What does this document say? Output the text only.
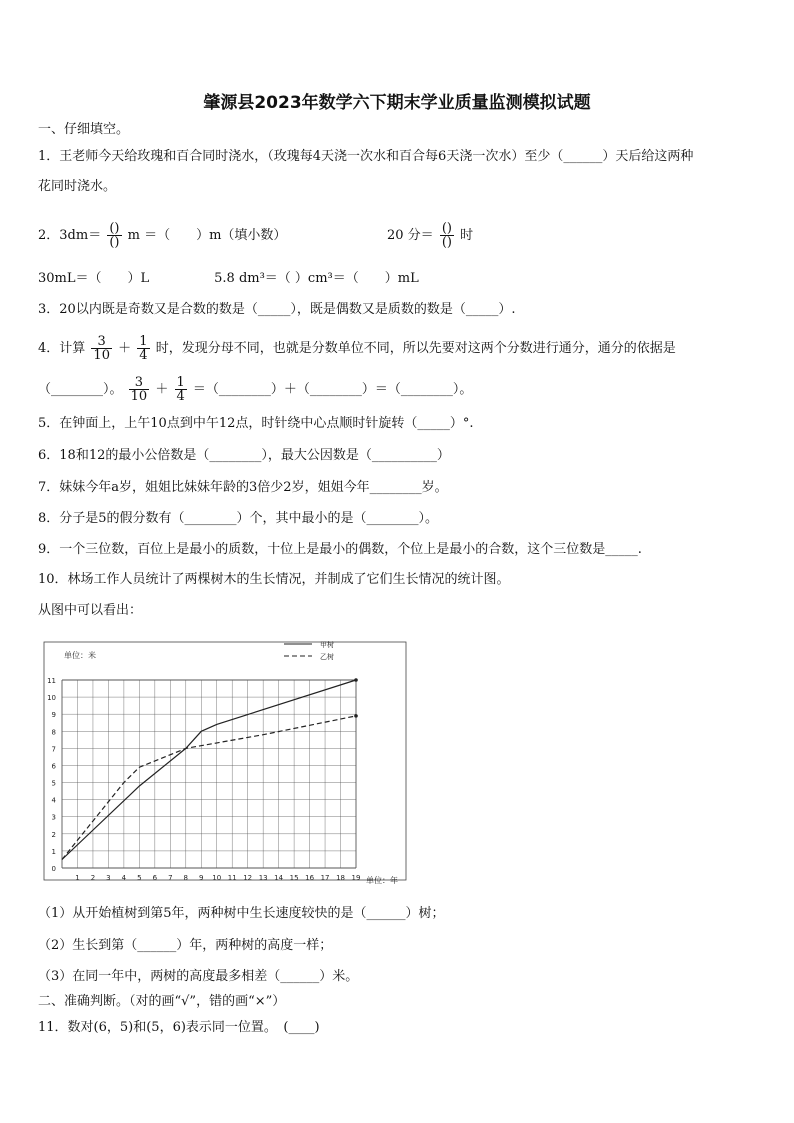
肇源县2023年数学六下期末学业质量监测模拟试题
一、仔细填空。
1．王老师今天给玫瑰和百合同时浇水，（玫瑰每4天浇一次水和百合每6天浇一次水）至少（______）天后给这两种
花同时浇水。
2．$3dm= \frac{()}{()}$ m ＝（　　）m（填小数）	20 分＝ $\frac{()}{()}$ 时
30mL＝（　　）L　　　　　5.8 dm³＝（ ）cm³＝（　　）mL
3．20以内既是奇数又是合数的数是（_____），既是偶数又是质数的数是（_____）.
4．计算 $\frac{3}{10} + \frac{1}{4}$ 时，发现分母不同，也就是分数单位不同，所以先要对这两个分数进行通分，通分的依据是
（________）。 $\frac{3}{10} + \frac{1}{4}$ ＝（________）＋（________）＝（________）。
5．在钟面上，上午10点到中午12点，时针绕中心点顺时针旋转（_____）°.
6．18和12的最小公倍数是（________），最大公因数是（__________）
7．妹妹今年a岁，姐姐比妹妹年龄的3倍少2岁，姐姐今年________岁。
8．分子是5的假分数有（________）个，其中最小的是（________）。
9．一个三位数，百位上是最小的质数，十位上是最小的偶数，个位上是最小的合数，这个三位数是_____.
10．林场工作人员统计了两棵树木的生长情况，并制成了它们生长情况的统计图。
从图中可以看出：
0
1
2
3
4
5
6
7
8
9
10
11
1 2 3 4 5 6 7 8 9 10 11 12 13 14 15 16 17 18 19
单位：米
单位：年
甲树
乙树
（1）从开始植树到第5年，两种树中生长速度较快的是（______）树；
（2）生长到第（______）年，两种树的高度一样；
（3）在同一年中，两树的高度最多相差（______）米。
二、准确判断。（对的画“√”，错的画“×”）
11．数对(6，5)和(5，6)表示同一位置。　(____)
